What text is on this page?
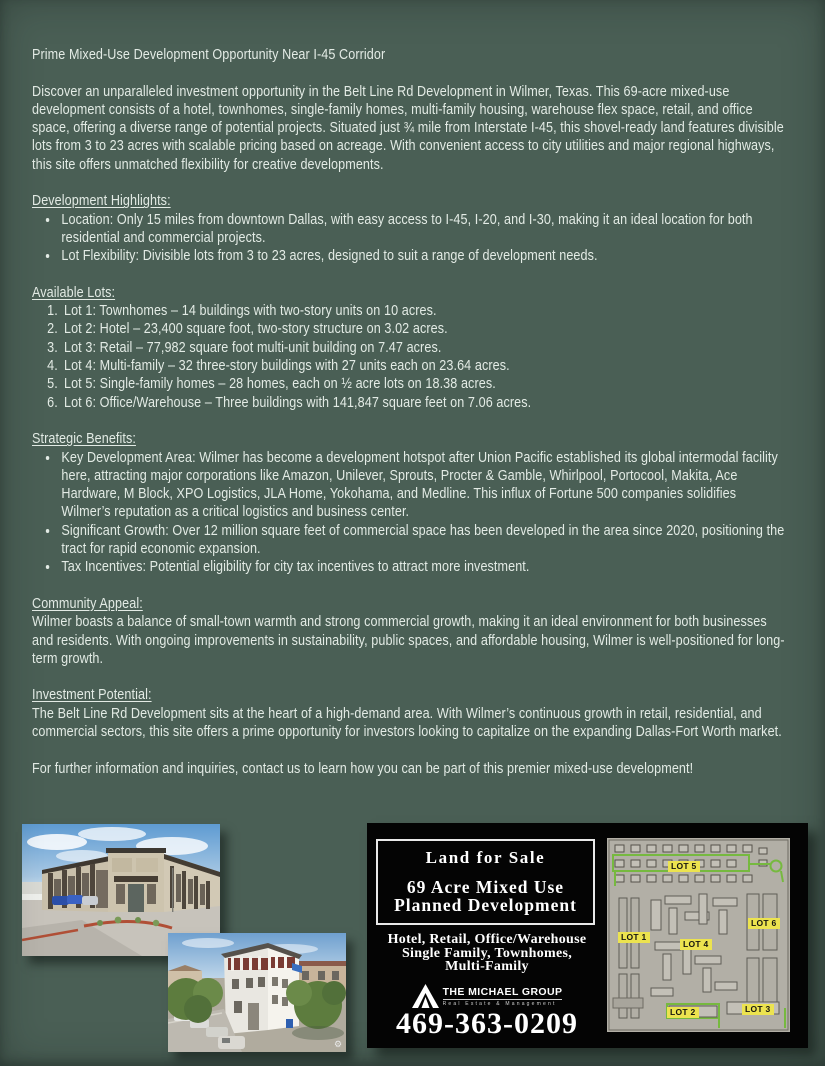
Prime Mixed-Use Development Opportunity Near I-45 Corridor

Discover an unparalleled investment opportunity in the Belt Line Rd Development in Wilmer, Texas. This 69-acre mixed-use development consists of a hotel, townhomes, single-family homes, multi-family housing, warehouse flex space, retail, and office space, offering a diverse range of potential projects. Situated just ¾ mile from Interstate I-45, this shovel-ready land features divisible lots from 3 to 23 acres with scalable pricing based on acreage. With convenient access to city utilities and major regional highways, this site offers unmatched flexibility for creative developments.

Development Highlights:

• Location: Only 15 miles from downtown Dallas, with easy access to I-45, I-20, and I-30, making it an ideal location for both residential and commercial projects.
• Lot Flexibility: Divisible lots from 3 to 23 acres, designed to suit a range of development needs.

Available Lots:

1. Lot 1: Townhomes – 14 buildings with two-story units on 10 acres.
2. Lot 2: Hotel – 23,400 square foot, two-story structure on 3.02 acres.
3. Lot 3: Retail – 77,982 square foot multi-unit building on 7.47 acres.
4. Lot 4: Multi-family – 32 three-story buildings with 27 units each on 23.64 acres.
5. Lot 5: Single-family homes – 28 homes, each on ½ acre lots on 18.38 acres.
6. Lot 6: Office/Warehouse – Three buildings with 141,847 square feet on 7.06 acres.

Strategic Benefits:

• Key Development Area: Wilmer has become a development hotspot after Union Pacific established its global intermodal facility here, attracting major corporations like Amazon, Unilever, Sprouts, Procter & Gamble, Whirlpool, Portocool, Makita, Ace Hardware, M Block, XPO Logistics, JLA Home, Yokohama, and Medline. This influx of Fortune 500 companies solidifies Wilmer’s reputation as a critical logistics and business center.
• Significant Growth: Over 12 million square feet of commercial space has been developed in the area since 2020, positioning the tract for rapid economic expansion.
• Tax Incentives: Potential eligibility for city tax incentives to attract more investment.

Community Appeal:

Wilmer boasts a balance of small-town warmth and strong commercial growth, making it an ideal environment for both businesses and residents. With ongoing improvements in sustainability, public spaces, and affordable housing, Wilmer is well-positioned for long-term growth.

Investment Potential:

The Belt Line Rd Development sits at the heart of a high-demand area. With Wilmer’s continuous growth in retail, residential, and commercial sectors, this site offers a prime opportunity for investors looking to capitalize on the expanding Dallas-Fort Worth market.

For further information and inquiries, contact us to learn how you can be part of this premier mixed-use development!

Land for Sale
69 Acre Mixed Use
Planned Development
Hotel, Retail, Office/Warehouse
Single Family, Townhomes,
Multi-Family
THE MICHAEL GROUP
Real Estate & Management
469-363-0209
LOT 5
LOT 1
LOT 4
LOT 6
LOT 2	LOT 3
⚙
